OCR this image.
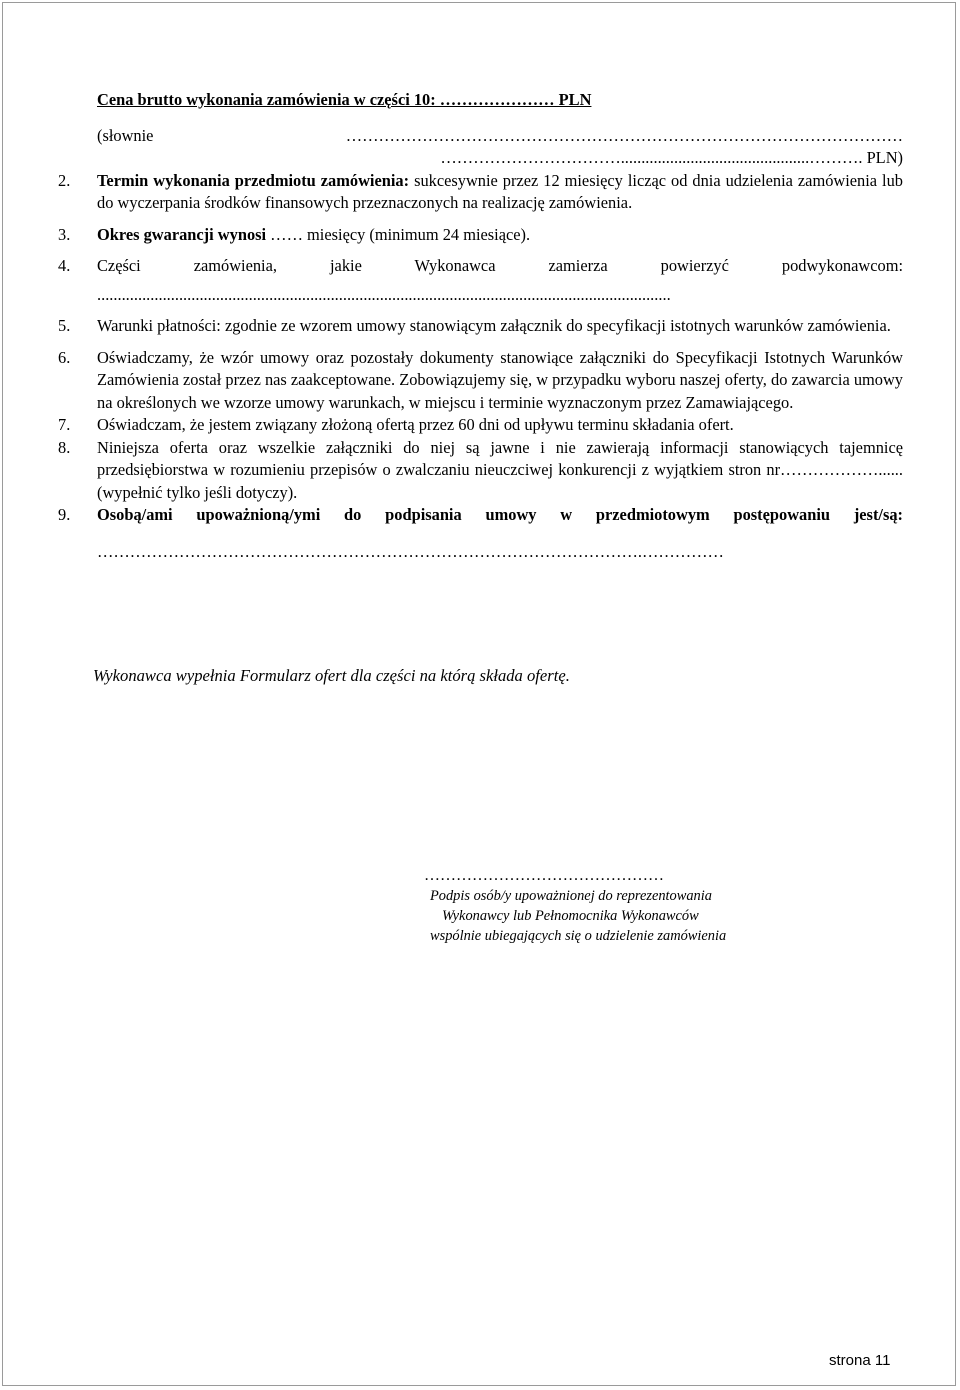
Cena brutto wykonania zamówienia w części 10: ………………… PLN
(słownie	…………………………………………………………………………………………
……………………………..............................................………. PLN)
2.	Termin wykonania przedmiotu zamówienia: sukcesywnie przez 12 miesięcy licząc od dnia udzielenia zamówienia lub do wyczerpania środków finansowych przeznaczonych na realizację zamówienia.
3.	Okres gwarancji wynosi …… miesięcy (minimum 24 miesiące).
4.	Części zamówienia, jakie Wykonawca zamierza powierzyć podwykonawcom:
............................................................................................................................................
5.	Warunki płatności: zgodnie ze wzorem umowy stanowiącym załącznik do specyfikacji istotnych warunków zamówienia.
6.	Oświadczamy, że wzór umowy oraz pozostały dokumenty stanowiące załączniki do Specyfikacji Istotnych Warunków Zamówienia został przez nas zaakceptowane. Zobowiązujemy się, w przypadku wyboru naszej oferty, do zawarcia umowy na określonych we wzorze umowy warunkach, w miejscu i terminie wyznaczonym przez Zamawiającego.
7.	Oświadczam, że jestem związany złożoną ofertą przez 60 dni od upływu terminu składania ofert.
8.	Niniejsza oferta oraz wszelkie załączniki do niej są jawne i nie zawierają informacji stanowiących tajemnicę przedsiębiorstwa w rozumieniu przepisów o zwalczaniu nieuczciwej konkurencji z wyjątkiem stron nr………………...... (wypełnić tylko jeśli dotyczy).
9.	Osobą/ami upoważnioną/ymi do podpisania umowy w przedmiotowym postępowaniu jest/są:
……………………………………………………………………………………….……………
Wykonawca wypełnia Formularz ofert dla części na którą składa ofertę.
………………………………………
Podpis osób/y upoważnionej do reprezentowania
Wykonawcy lub Pełnomocnika Wykonawców
wspólnie ubiegających się o udzielenie zamówienia
strona 11
